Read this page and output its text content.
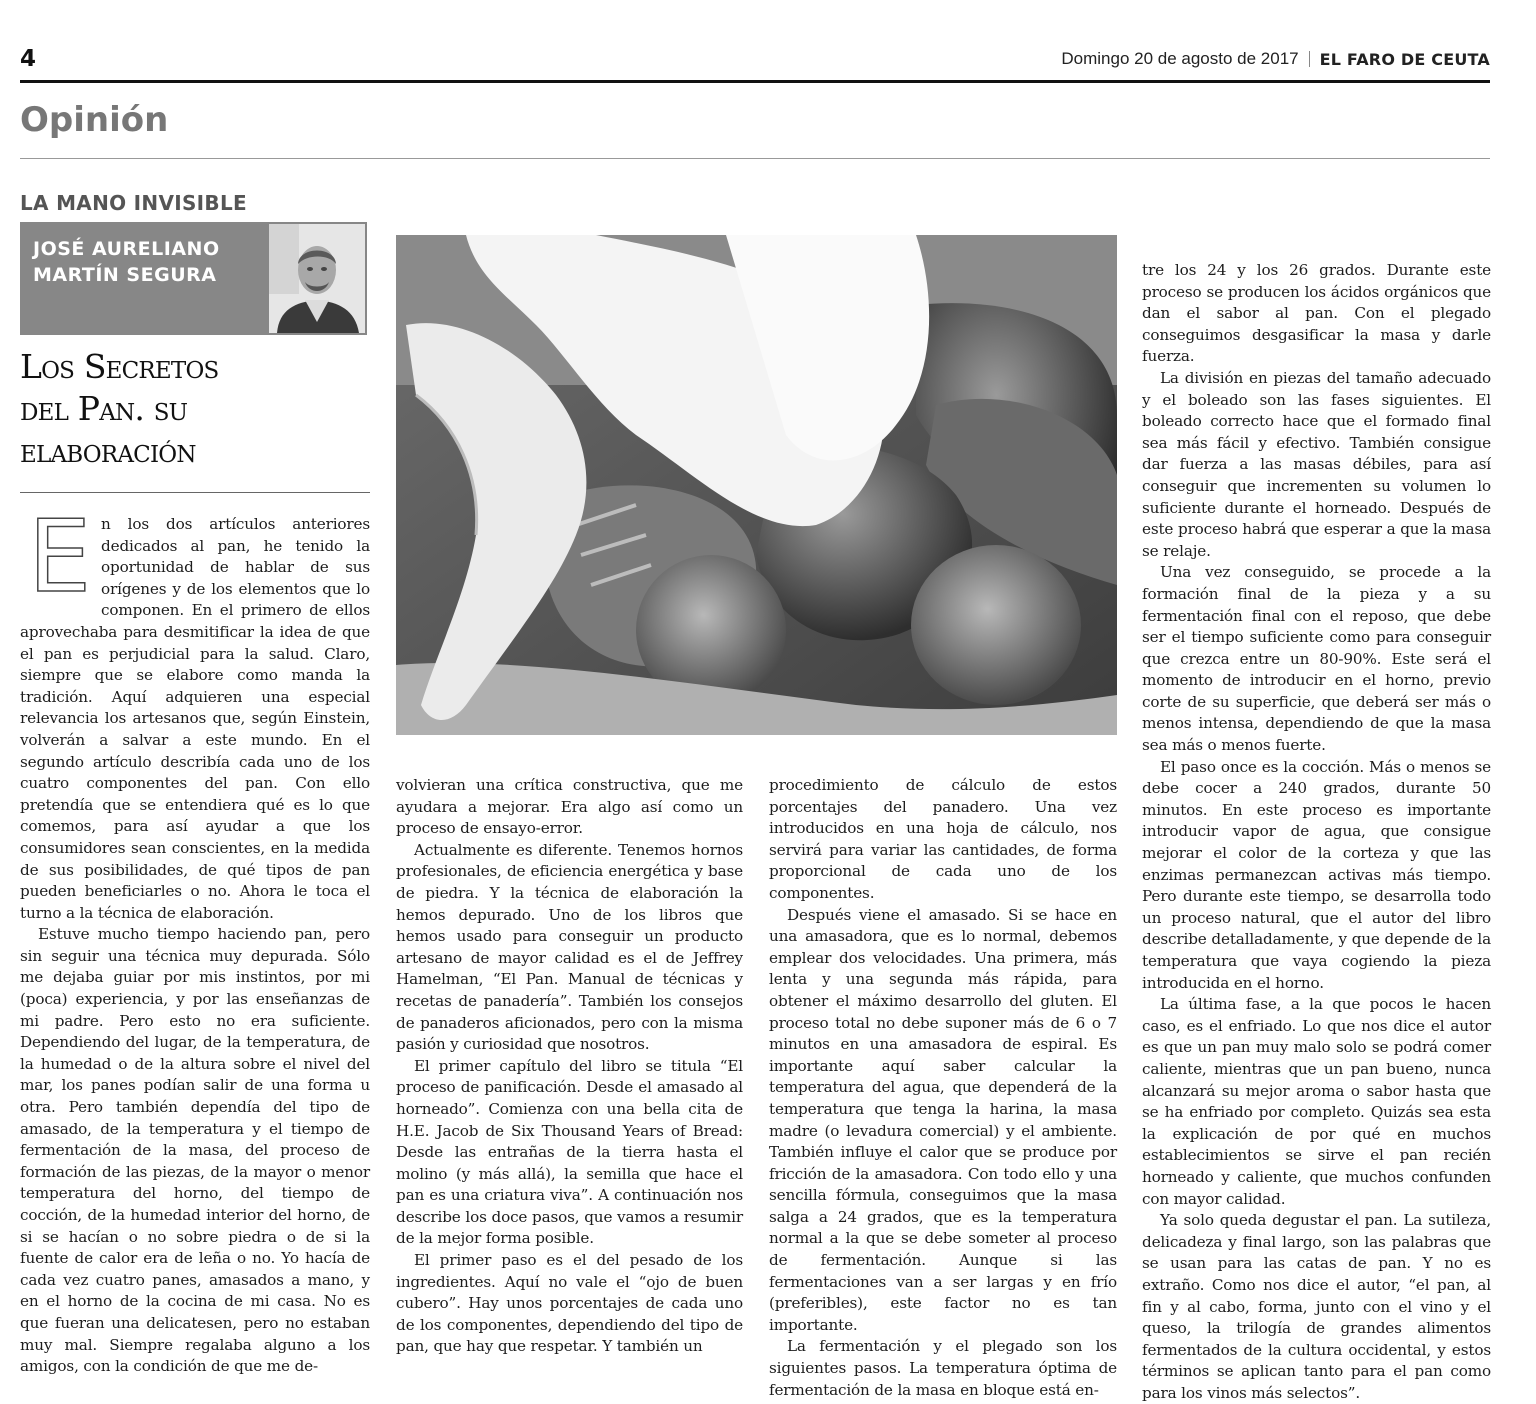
4	Domingo 20 de agosto de 2017 EL FARO DE CEUTA
Opinión
LA MANO INVISIBLE
JOSÉ AURELIANO
MARTÍN SEGURA
Los Secretos
del Pan. su
elaboración
E n los dos artículos anteriores dedicados al pan, he tenido la oportunidad de hablar de sus orígenes y de los elementos que lo componen. En el primero de ellos aprovechaba para desmitificar la idea de que el pan es perjudicial para la salud. Claro, siempre que se elabore como manda la tradición. Aquí adquieren una especial relevancia los artesanos que, según Einstein, volverán a salvar a este mundo. En el segundo artículo describía cada uno de los cuatro componentes del pan. Con ello pretendía que se entendiera qué es lo que comemos, para así ayudar a que los consumidores sean conscientes, en la medida de sus posibilidades, de qué tipos de pan pueden beneficiarles o no. Ahora le toca el turno a la técnica de elaboración.

Estuve mucho tiempo haciendo pan, pero sin seguir una técnica muy depurada. Sólo me dejaba guiar por mis instintos, por mi (poca) experiencia, y por las enseñanzas de mi padre. Pero esto no era suficiente. Dependiendo del lugar, de la temperatura, de la humedad o de la altura sobre el nivel del mar, los panes podían salir de una forma u otra. Pero también dependía del tipo de amasado, de la temperatura y el tiempo de fermentación de la masa, del proceso de formación de las piezas, de la mayor o menor temperatura del horno, del tiempo de cocción, de la humedad interior del horno, de si se hacían o no sobre piedra o de si la fuente de calor era de leña o no. Yo hacía de cada vez cuatro panes, amasados a mano, y en el horno de la cocina de mi casa. No es que fueran una delicatesen, pero no estaban muy mal. Siempre regalaba alguno a los amigos, con la condición de que me de-

volvieran una crítica constructiva, que me ayudara a mejorar. Era algo así como un proceso de ensayo-error.

Actualmente es diferente. Tenemos hornos profesionales, de eficiencia energética y base de piedra. Y la técnica de elaboración la hemos depurado. Uno de los libros que hemos usado para conseguir un producto artesano de mayor calidad es el de Jeffrey Hamelman, “El Pan. Manual de técnicas y recetas de panadería”. También los consejos de panaderos aficionados, pero con la misma pasión y curiosidad que nosotros.

El primer capítulo del libro se titula “El proceso de panificación. Desde el amasado al horneado”. Comienza con una bella cita de H.E. Jacob de Six Thousand Years of Bread: Desde las entrañas de la tierra hasta el molino (y más allá), la semilla que hace el pan es una criatura viva”. A continuación nos describe los doce pasos, que vamos a resumir de la mejor forma posible.

El primer paso es el del pesado de los ingredientes. Aquí no vale el “ojo de buen cubero”. Hay unos porcentajes de cada uno de los componentes, dependiendo del tipo de pan, que hay que respetar. Y también un

procedimiento de cálculo de estos porcentajes del panadero. Una vez introducidos en una hoja de cálculo, nos servirá para variar las cantidades, de forma proporcional de cada uno de los componentes.

Después viene el amasado. Si se hace en una amasadora, que es lo normal, debemos emplear dos velocidades. Una primera, más lenta y una segunda más rápida, para obtener el máximo desarrollo del gluten. El proceso total no debe suponer más de 6 o 7 minutos en una amasadora de espiral. Es importante aquí saber calcular la temperatura del agua, que dependerá de la temperatura que tenga la harina, la masa madre (o levadura comercial) y el ambiente. También influye el calor que se produce por fricción de la amasadora. Con todo ello y una sencilla fórmula, conseguimos que la masa salga a 24 grados, que es la temperatura normal a la que se debe someter al proceso de fermentación. Aunque si las fermentaciones van a ser largas y en frío (preferibles), este factor no es tan importante.

La fermentación y el plegado son los siguientes pasos. La temperatura óptima de fermentación de la masa en bloque está en-

tre los 24 y los 26 grados. Durante este proceso se producen los ácidos orgánicos que dan el sabor al pan. Con el plegado conseguimos desgasificar la masa y darle fuerza.

La división en piezas del tamaño adecuado y el boleado son las fases siguientes. El boleado correcto hace que el formado final sea más fácil y efectivo. También consigue dar fuerza a las masas débiles, para así conseguir que incrementen su volumen lo suficiente durante el horneado. Después de este proceso habrá que esperar a que la masa se relaje.

Una vez conseguido, se procede a la formación final de la pieza y a su fermentación final con el reposo, que debe ser el tiempo suficiente como para conseguir que crezca entre un 80-90%. Este será el momento de introducir en el horno, previo corte de su superficie, que deberá ser más o menos intensa, dependiendo de que la masa sea más o menos fuerte.

El paso once es la cocción. Más o menos se debe cocer a 240 grados, durante 50 minutos. En este proceso es importante introducir vapor de agua, que consigue mejorar el color de la corteza y que las enzimas permanezcan activas más tiempo. Pero durante este tiempo, se desarrolla todo un proceso natural, que el autor del libro describe detalladamente, y que depende de la temperatura que vaya cogiendo la pieza introducida en el horno.

La última fase, a la que pocos le hacen caso, es el enfriado. Lo que nos dice el autor es que un pan muy malo solo se podrá comer caliente, mientras que un pan bueno, nunca alcanzará su mejor aroma o sabor hasta que se ha enfriado por completo. Quizás sea esta la explicación de por qué en muchos establecimientos se sirve el pan recién horneado y caliente, que muchos confunden con mayor calidad.

Ya solo queda degustar el pan. La sutileza, delicadeza y final largo, son las palabras que se usan para las catas de pan. Y no es extraño. Como nos dice el autor, “el pan, al fin y al cabo, forma, junto con el vino y el queso, la trilogía de grandes alimentos fermentados de la cultura occidental, y estos términos se aplican tanto para el pan como para los vinos más selectos”.
